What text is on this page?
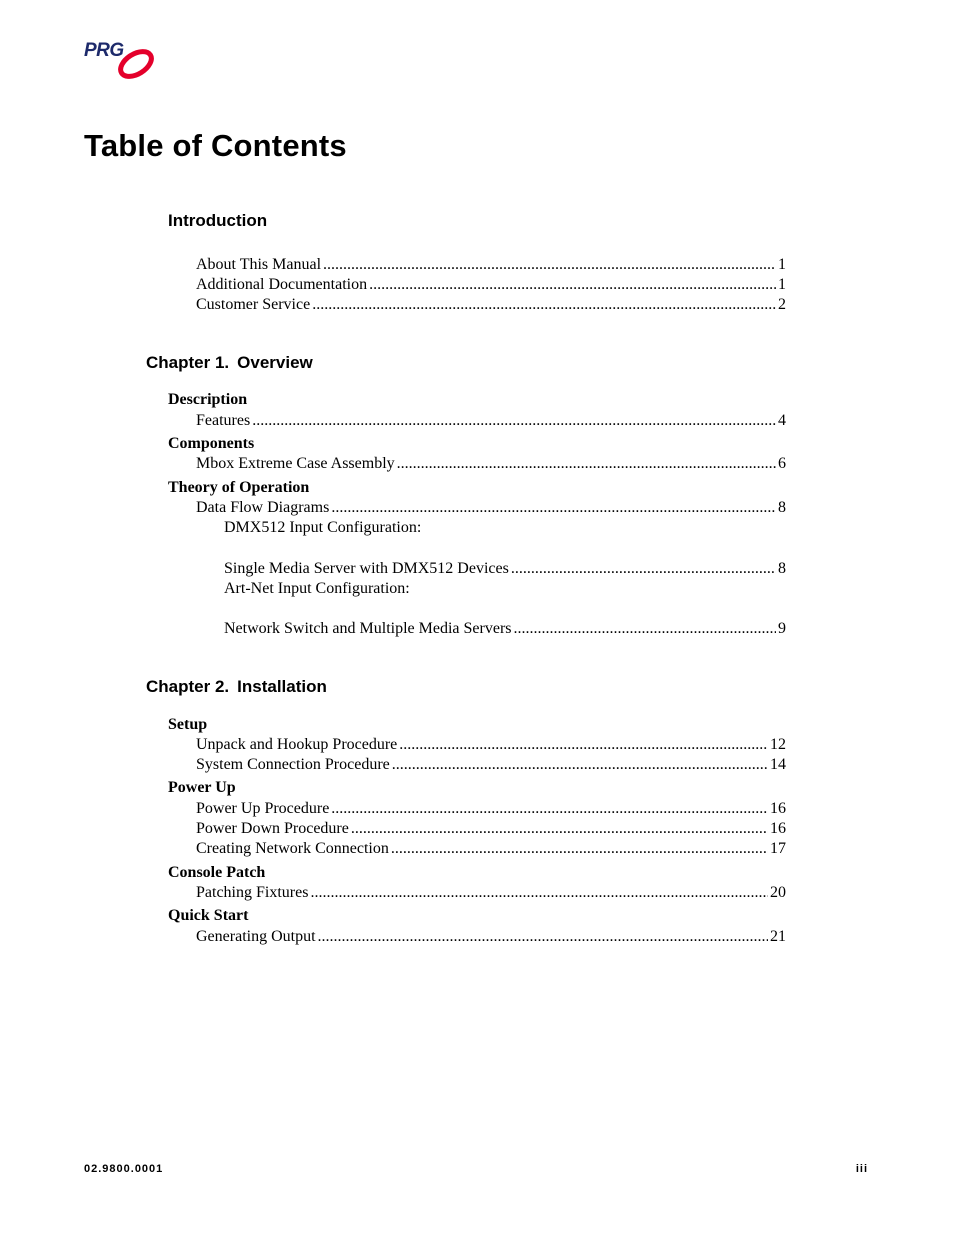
PRG
Table of Contents
Introduction
About This Manual .....	1
Additional Documentation .....	1
Customer Service .....	2
Chapter 1. Overview
Description
Features .....	4
Components
Mbox Extreme Case Assembly .....	6
Theory of Operation
Data Flow Diagrams .....	8
DMX512 Input Configuration:
Single Media Server with DMX512 Devices .....	8
Art-Net Input Configuration:
Network Switch and Multiple Media Servers .....	9
Chapter 2. Installation
Setup
Unpack and Hookup Procedure .....	12
System Connection Procedure .....	14
Power Up
Power Up Procedure .....	16
Power Down Procedure .....	16
Creating Network Connection .....	17
Console Patch
Patching Fixtures .....	20
Quick Start
Generating Output .....	21
02.9800.0001	iii
